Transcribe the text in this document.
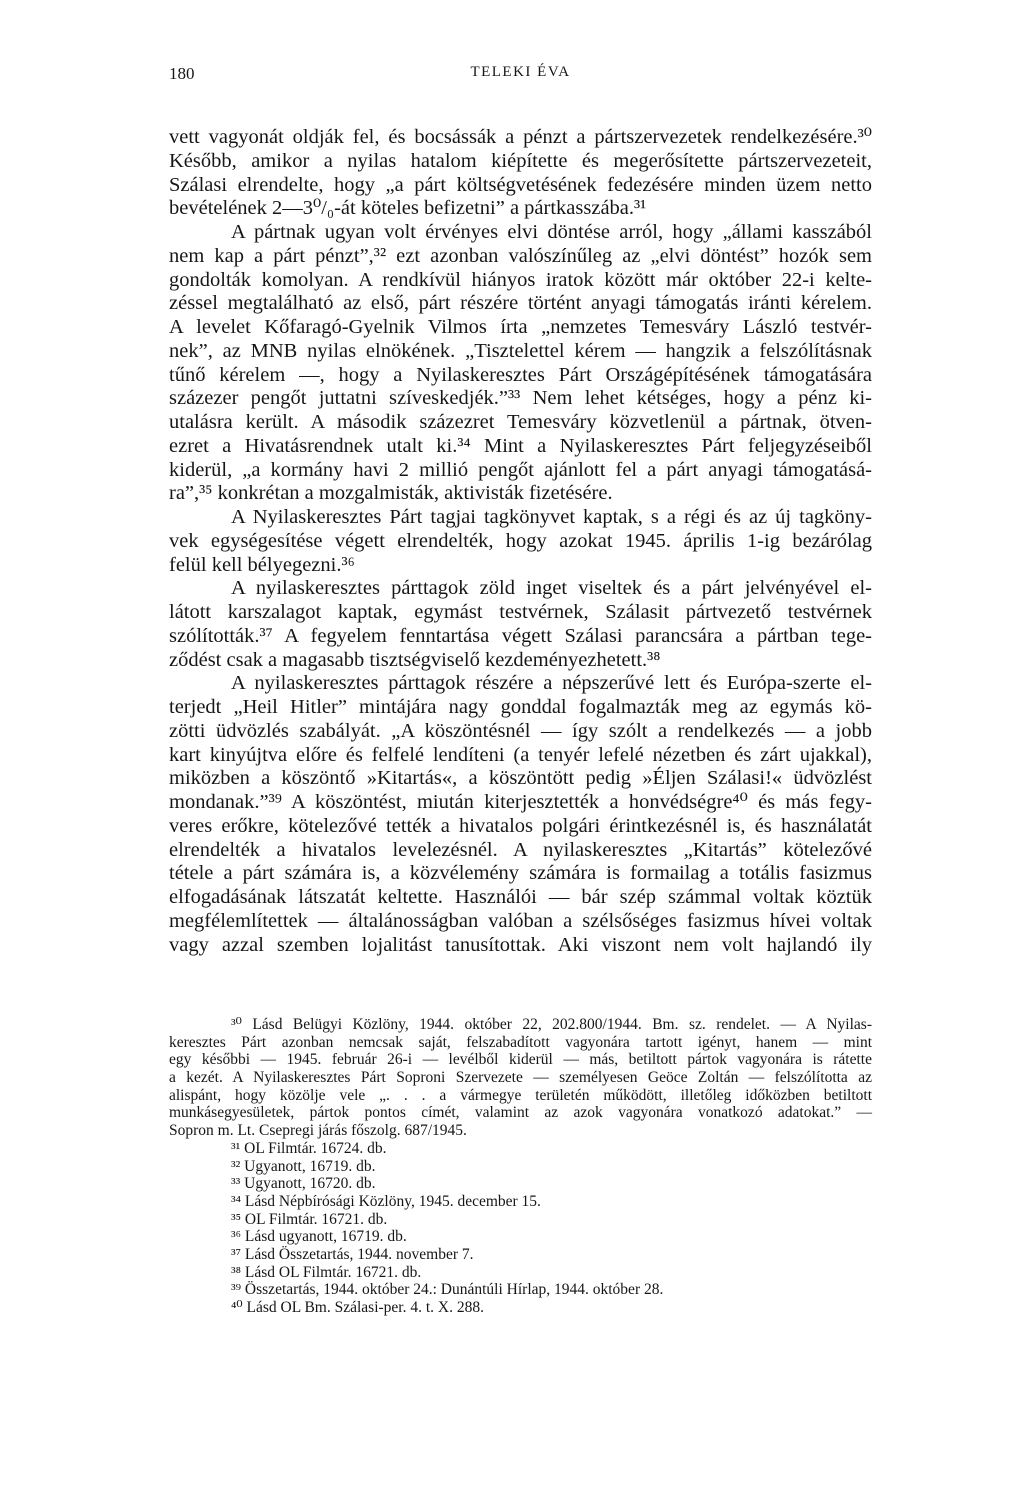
180	TELEKI ÉVA
vett vagyonát oldják fel, és bocsássák a pénzt a pártszervezetek rendelkezésére.³⁰
Később, amikor a nyilas hatalom kiépítette és megerősítette pártszervezeteit,
Szálasi elrendelte, hogy „a párt költségvetésének fedezésére minden üzem netto
bevételének 2—3⁰/₀-át köteles befizetni” a pártkasszába.³¹
A pártnak ugyan volt érvényes elvi döntése arról, hogy „állami kasszából
nem kap a párt pénzt”,³² ezt azonban valószínűleg az „elvi döntést” hozók sem
gondolták komolyan. A rendkívül hiányos iratok között már október 22-i kelte-
zéssel megtalálható az első, párt részére történt anyagi támogatás iránti kérelem.
A levelet Kőfaragó-Gyelnik Vilmos írta „nemzetes Temesváry László testvér-
nek”, az MNB nyilas elnökének. „Tisztelettel kérem — hangzik a felszólításnak
tűnő kérelem —, hogy a Nyilaskeresztes Párt Országépítésének támogatására
százezer pengőt juttatni szíveskedjék.”³³ Nem lehet kétséges, hogy a pénz ki-
utalásra került. A második százezret Temesváry közvetlenül a pártnak, ötven-
ezret a Hivatásrendnek utalt ki.³⁴ Mint a Nyilaskeresztes Párt feljegyzéseiből
kiderül, „a kormány havi 2 millió pengőt ajánlott fel a párt anyagi támogatásá-
ra”,³⁵ konkrétan a mozgalmisták, aktivisták fizetésére.
A Nyilaskeresztes Párt tagjai tagkönyvet kaptak, s a régi és az új tagköny-
vek egységesítése végett elrendelték, hogy azokat 1945. április 1-ig bezárólag
felül kell bélyegezni.³⁶
A nyilaskeresztes párttagok zöld inget viseltek és a párt jelvényével el-
látott karszalagot kaptak, egymást testvérnek, Szálasit pártvezető testvérnek
szólították.³⁷ A fegyelem fenntartása végett Szálasi parancsára a pártban tege-
ződést csak a magasabb tisztségviselő kezdeményezhetett.³⁸
A nyilaskeresztes párttagok részére a népszerűvé lett és Európa-szerte el-
terjedt „Heil Hitler” mintájára nagy gonddal fogalmazták meg az egymás kö-
zötti üdvözlés szabályát. „A köszöntésnél — így szólt a rendelkezés — a jobb
kart kinyújtva előre és felfelé lendíteni (a tenyér lefelé nézetben és zárt ujakkal),
miközben a köszöntő »Kitartás«, a köszöntött pedig »Éljen Szálasi!« üdvözlést
mondanak.”³⁹ A köszöntést, miután kiterjesztették a honvédségre⁴⁰ és más fegy-
veres erőkre, kötelezővé tették a hivatalos polgári érintkezésnél is, és használatát
elrendelték a hivatalos levelezésnél. A nyilaskeresztes „Kitartás” kötelezővé
tétele a párt számára is, a közvélemény számára is formailag a totális fasizmus
elfogadásának látszatát keltette. Használói — bár szép számmal voltak köztük
megfélemlítettek — általánosságban valóban a szélsőséges fasizmus hívei voltak
vagy azzal szemben lojalitást tanusítottak. Aki viszont nem volt hajlandó ily
³⁰ Lásd Belügyi Közlöny, 1944. október 22, 202.800/1944. Bm. sz. rendelet. — A Nyilas-
keresztes Párt azonban nemcsak saját, felszabadított vagyonára tartott igényt, hanem — mint
egy későbbi — 1945. február 26-i — levélből kiderül — más, betiltott pártok vagyonára is rátette
a kezét. A Nyilaskeresztes Párt Soproni Szervezete — személyesen Geöce Zoltán — felszólította az
alispánt, hogy közölje vele „. . . a vármegye területén működött, illetőleg időközben betiltott
munkásegyesületek, pártok pontos címét, valamint az azok vagyonára vonatkozó adatokat.” —
Sopron m. Lt. Csepregi járás főszolg. 687/1945.
³¹ OL Filmtár. 16724. db.
³² Ugyanott, 16719. db.
³³ Ugyanott, 16720. db.
³⁴ Lásd Népbírósági Közlöny, 1945. december 15.
³⁵ OL Filmtár. 16721. db.
³⁶ Lásd ugyanott, 16719. db.
³⁷ Lásd Összetartás, 1944. november 7.
³⁸ Lásd OL Filmtár. 16721. db.
³⁹ Összetartás, 1944. október 24.: Dunántúli Hírlap, 1944. október 28.
⁴⁰ Lásd OL Bm. Szálasi-per. 4. t. X. 288.
